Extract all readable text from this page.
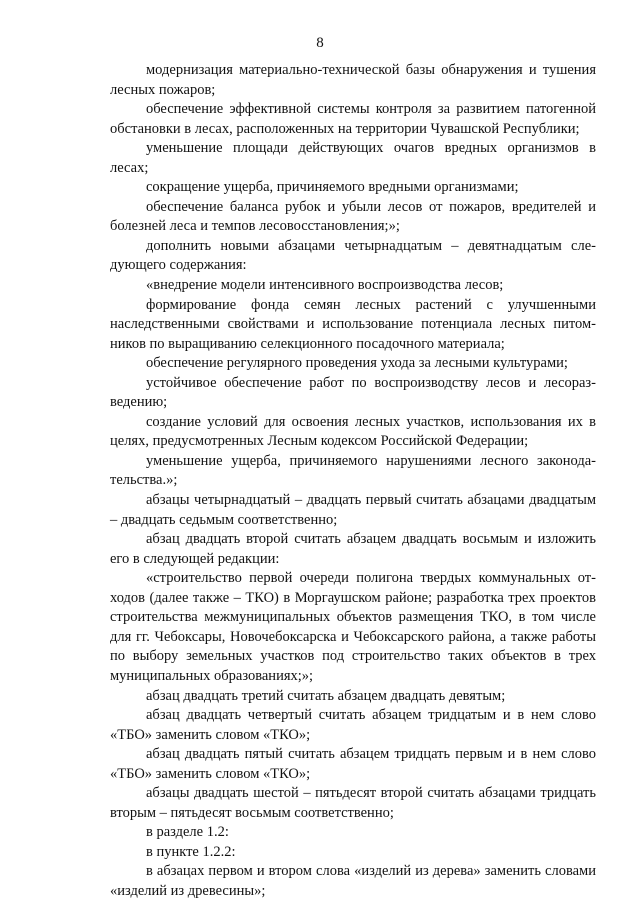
8

модернизация материально-технической базы обнаружения и тушения лесных пожаров;

обеспечение эффективной системы контроля за развитием патогенной обстановки в лесах, расположенных на территории Чувашской Республики;

уменьшение площади действующих очагов вредных организмов в лесах;

сокращение ущерба, причиняемого вредными организмами;

обеспечение баланса рубок и убыли лесов от пожаров, вредителей и болезней леса и темпов лесовосстановления;»;

дополнить новыми абзацами четырнадцатым – девятнадцатым следующего содержания:

«внедрение модели интенсивного воспроизводства лесов;

формирование фонда семян лесных растений с улучшенными наследственными свойствами и использование потенциала лесных питомников по выращиванию селекционного посадочного материала;

обеспечение регулярного проведения ухода за лесными культурами;

устойчивое обеспечение работ по воспроизводству лесов и лесоразведению;

создание условий для освоения лесных участков, использования их в целях, предусмотренных Лесным кодексом Российской Федерации;

уменьшение ущерба, причиняемого нарушениями лесного законодательства.»;

абзацы четырнадцатый – двадцать первый считать абзацами двадцатым – двадцать седьмым соответственно;

абзац двадцать второй считать абзацем двадцать восьмым и изложить его в следующей редакции:

«строительство первой очереди полигона твердых коммунальных отходов (далее также – ТКО) в Моргаушском районе; разработка трех проектов строительства межмуниципальных объектов размещения ТКО, в том числе для гг. Чебоксары, Новочебоксарска и Чебоксарского района, а также работы по выбору земельных участков под строительство таких объектов в трех муниципальных образованиях;»;

абзац двадцать третий считать абзацем двадцать девятым;

абзац двадцать четвертый считать абзацем тридцатым и в нем слово «ТБО» заменить словом «ТКО»;

абзац двадцать пятый считать абзацем тридцать первым и в нем слово «ТБО» заменить словом «ТКО»;

абзацы двадцать шестой – пятьдесят второй считать абзацами тридцать вторым – пятьдесят восьмым соответственно;

в разделе 1.2:

в пункте 1.2.2:

в абзацах первом и втором слова «изделий из дерева» заменить словами «изделий из древесины»;
